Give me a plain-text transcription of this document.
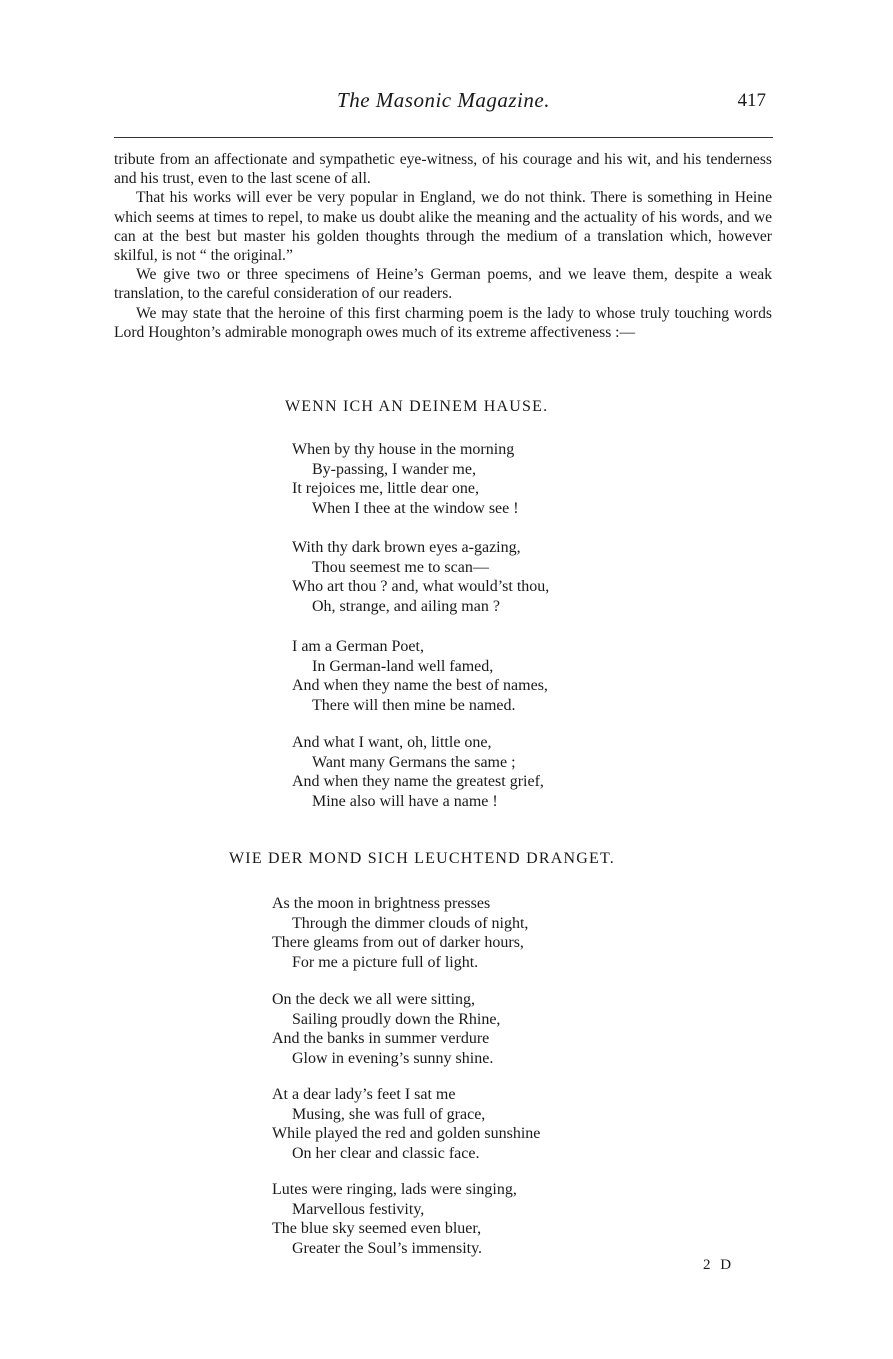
The Masonic Magazine.	417

tribute from an affectionate and sympathetic eye-witness, of his courage and his wit, and his tenderness and his trust, even to the last scene of all.

That his works will ever be very popular in England, we do not think. There is something in Heine which seems at times to repel, to make us doubt alike the meaning and the actuality of his words, and we can at the best but master his golden thoughts through the medium of a translation which, however skilful, is not “ the original.”

We give two or three specimens of Heine’s German poems, and we leave them, despite a weak translation, to the careful consideration of our readers.

We may state that the heroine of this first charming poem is the lady to whose truly touching words Lord Houghton’s admirable monograph owes much of its extreme affectiveness :—

WENN ICH AN DEINEM HAUSE.
When by thy house in the morning
By-passing, I wander me,
It rejoices me, little dear one,
When I thee at the window see !
With thy dark brown eyes a-gazing,
Thou seemest me to scan—
Who art thou ? and, what would’st thou,
Oh, strange, and ailing man ?
I am a German Poet,
In German-land well famed,
And when they name the best of names,
There will then mine be named.
And what I want, oh, little one,
Want many Germans the same ;
And when they name the greatest grief,
Mine also will have a name !
WIE DER MOND SICH LEUCHTEND DRANGET.
As the moon in brightness presses
Through the dimmer clouds of night,
There gleams from out of darker hours,
For me a picture full of light.
On the deck we all were sitting,
Sailing proudly down the Rhine,
And the banks in summer verdure
Glow in evening’s sunny shine.
At a dear lady’s feet I sat me
Musing, she was full of grace,
While played the red and golden sunshine
On her clear and classic face.
Lutes were ringing, lads were singing,
Marvellous festivity,
The blue sky seemed even bluer,
Greater the Soul’s immensity.
2 D
